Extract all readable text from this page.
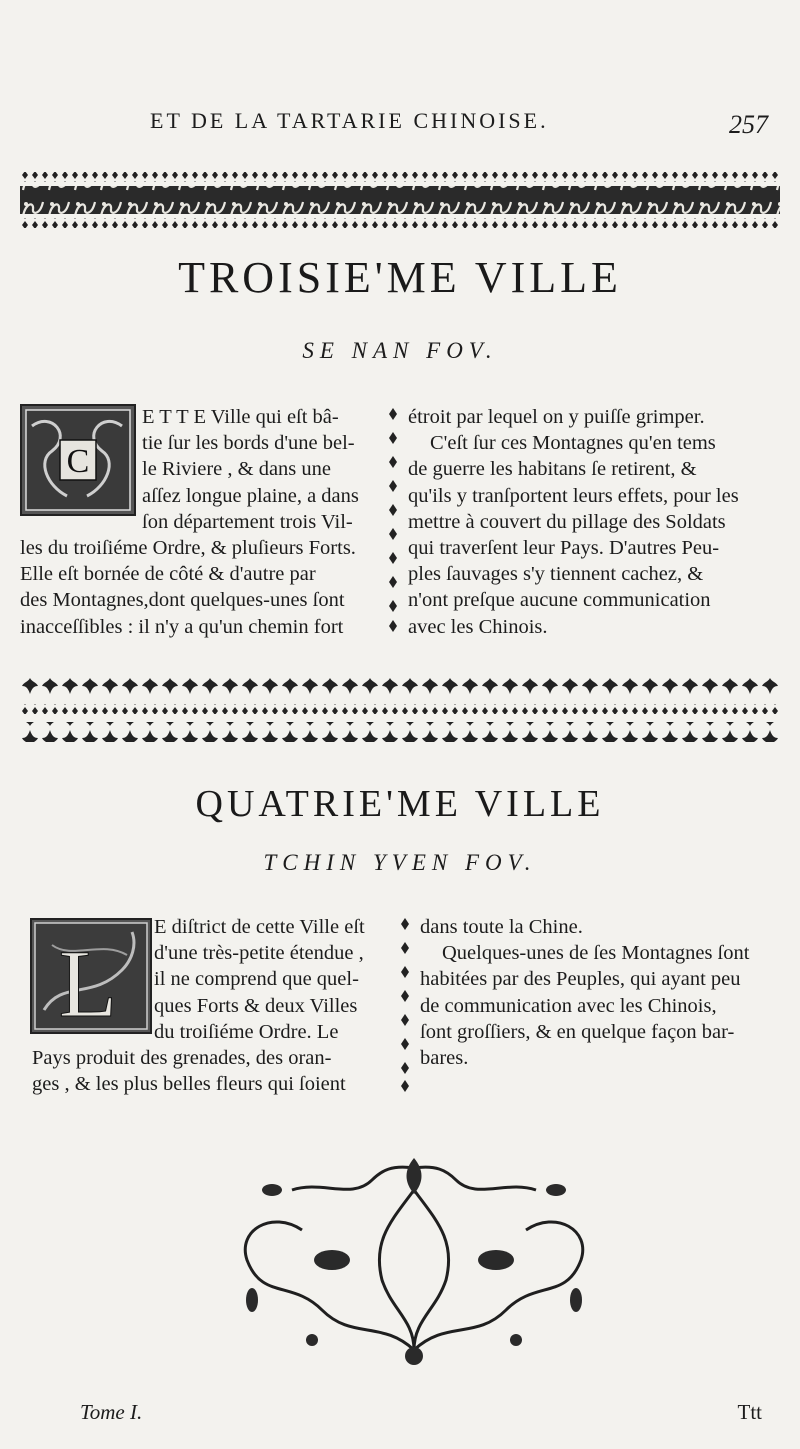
ET DE LA TARTARIE CHINOISE.	257
TROISIE'ME VILLE
SE NAN FOV.
C
E T T E Ville qui eſt bâ-
tie ſur les bords d'une bel-
le Riviere , & dans une
aſſez longue plaine, a dans
ſon département trois Vil-
les du troiſiéme Ordre, & pluſieurs Forts.
Elle eſt bornée de côté & d'autre par
des Montagnes,dont quelques-unes ſont
inacceſſibles : il n'y a qu'un chemin fort
étroit par lequel on y puiſſe grimper.
C'eſt ſur ces Montagnes qu'en tems
de guerre les habitans ſe retirent, &
qu'ils y tranſportent leurs effets, pour les
mettre à couvert du pillage des Soldats
qui traverſent leur Pays. D'autres Peu-
ples ſauvages s'y tiennent cachez, &
n'ont preſque aucune communication
avec les Chinois.
QUATRIE'ME VILLE
TCHIN YVEN FOV.
L
E diſtrict de cette Ville eſt
d'une très-petite étendue ,
il ne comprend que quel-
ques Forts & deux Villes
du troiſiéme Ordre. Le
Pays produit des grenades, des oran-
ges , & les plus belles fleurs qui ſoient
dans toute la Chine.
Quelques-unes de ſes Montagnes ſont
habitées par des Peuples, qui ayant peu
de communication avec les Chinois,
ſont groſſiers, & en quelque façon bar-
bares.
Tome I.	Ttt
